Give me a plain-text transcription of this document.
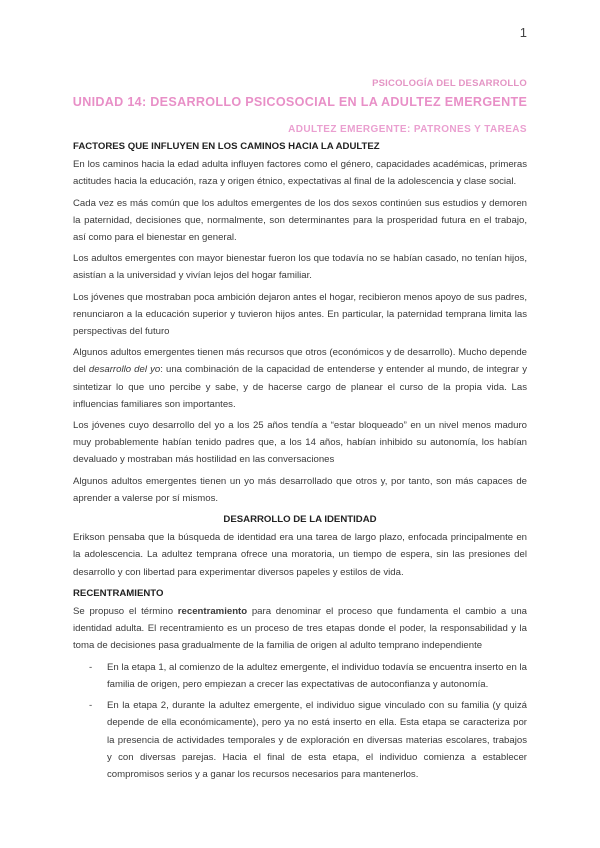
1
PSICOLOGÍA DEL DESARROLLO
UNIDAD 14: DESARROLLO PSICOSOCIAL EN LA ADULTEZ EMERGENTE
ADULTEZ EMERGENTE: PATRONES Y TAREAS
FACTORES QUE INFLUYEN EN LOS CAMINOS HACIA LA ADULTEZ

En los caminos hacia la edad adulta influyen factores como el género, capacidades académicas, primeras actitudes hacia la educación, raza y origen étnico, expectativas al final de la adolescencia y clase social.

Cada vez es más común que los adultos emergentes de los dos sexos continúen sus estudios y demoren la paternidad, decisiones que, normalmente, son determinantes para la prosperidad futura en el trabajo, así como para el bienestar en general.

Los adultos emergentes con mayor bienestar fueron los que todavía no se habían casado, no tenían hijos, asistían a la universidad y vivían lejos del hogar familiar.

Los jóvenes que mostraban poca ambición dejaron antes el hogar, recibieron menos apoyo de sus padres, renunciaron a la educación superior y tuvieron hijos antes. En particular, la paternidad temprana limita las perspectivas del futuro

Algunos adultos emergentes tienen más recursos que otros (económicos y de desarrollo). Mucho depende del desarrollo del yo: una combinación de la capacidad de entenderse y entender al mundo, de integrar y sintetizar lo que uno percibe y sabe, y de hacerse cargo de planear el curso de la propia vida. Las influencias familiares son importantes.

Los jóvenes cuyo desarrollo del yo a los 25 años tendía a “estar bloqueado” en un nivel menos maduro muy probablemente habían tenido padres que, a los 14 años, habían inhibido su autonomía, los habían devaluado y mostraban más hostilidad en las conversaciones

Algunos adultos emergentes tienen un yo más desarrollado que otros y, por tanto, son más capaces de aprender a valerse por sí mismos.

DESARROLLO DE LA IDENTIDAD

Erikson pensaba que la búsqueda de identidad era una tarea de largo plazo, enfocada principalmente en la adolescencia. La adultez temprana ofrece una moratoria, un tiempo de espera, sin las presiones del desarrollo y con libertad para experimentar diversos papeles y estilos de vida.

RECENTRAMIENTO

Se propuso el término recentramiento para denominar el proceso que fundamenta el cambio a una identidad adulta. El recentramiento es un proceso de tres etapas donde el poder, la responsabilidad y la toma de decisiones pasa gradualmente de la familia de origen al adulto temprano independiente

- En la etapa 1, al comienzo de la adultez emergente, el individuo todavía se encuentra inserto en la familia de origen, pero empiezan a crecer las expectativas de autoconfianza y autonomía.
- En la etapa 2, durante la adultez emergente, el individuo sigue vinculado con su familia (y quizá depende de ella económicamente), pero ya no está inserto en ella. Esta etapa se caracteriza por la presencia de actividades temporales y de exploración en diversas materias escolares, trabajos y con diversas parejas. Hacia el final de esta etapa, el individuo comienza a establecer compromisos serios y a ganar los recursos necesarios para mantenerlos.
